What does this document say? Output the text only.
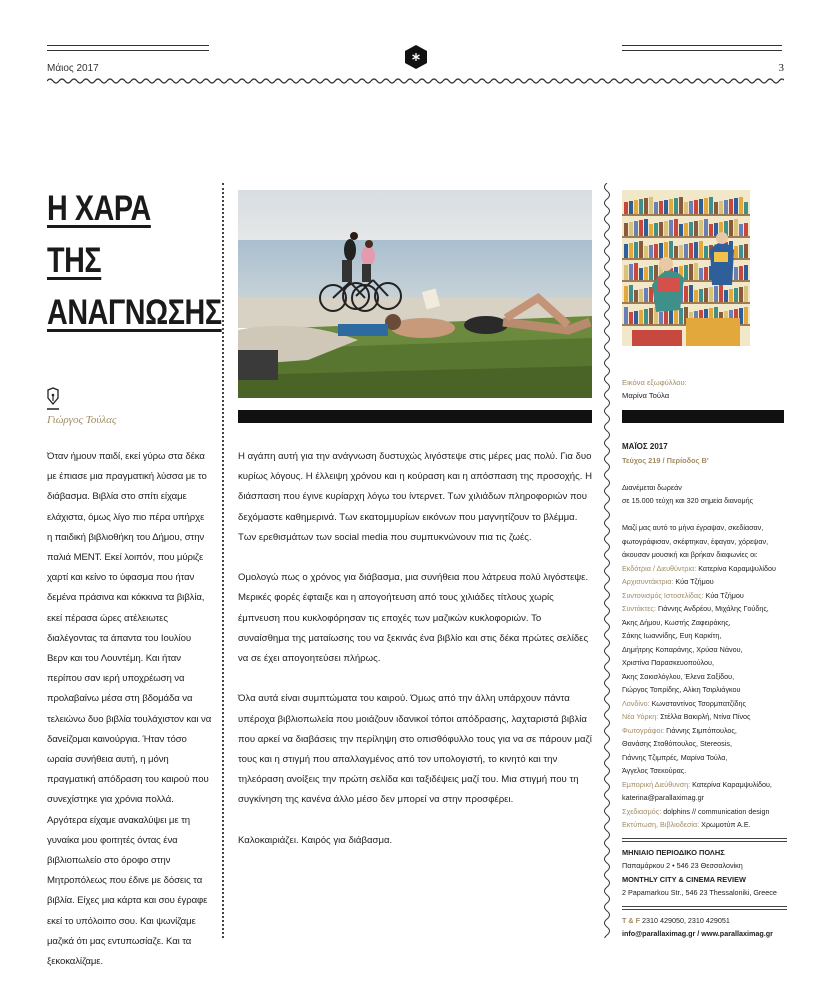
Μάιος 2017	3
Η ΧΑΡΑ
ΤΗΣ
ΑΝΑΓΝΩΣΗΣ
Γιώργος Τούλας

Όταν ήμουν παιδί, εκεί γύρω στα δέκα με έπιασε μια πραγματική λύσσα με το διάβασμα. Βιβλία στο σπίτι είχαμε ελάχιστα, όμως λίγο πιο πέρα υπήρχε η παιδική βιβλιοθήκη του Δήμου, στην παλιά ΜΕΝΤ. Εκεί λοιπόν, που μύριζε χαρτί και κείνο το ύφασμα που ήταν δεμένα πράσινα και κόκκινα τα βιβλία, εκεί πέρασα ώρες ατέλειωτες διαλέγοντας τα άπαντα του Ιουλίου Βερν και του Λουντέμη. Και ήταν περίπου σαν ιερή υποχρέωση να προλαβαίνω μέσα στη βδομάδα να τελειώνω δυο βιβλία τουλάχιστον και να δανείζομαι καινούργια. Ήταν τόσο ωραία συνήθεια αυτή, η μόνη πραγματική απόδραση του καιρού που συνεχίστηκε για χρόνια πολλά. Αργότερα είχαμε ανακαλύψει με τη γυναίκα μου φοιτητές όντας ένα βιβλιοπωλείο στο όροφο στην Μητροπόλεως που έδινε με δόσεις τα βιβλία. Είχες μια κάρτα και σου έγραφε εκεί το υπόλοιπο σου. Και ψωνίζαμε μαζικά ότι μας εντυπωσίαζε. Και τα ξεκοκαλίζαμε.

Η αγάπη αυτή για την ανάγνωση δυστυχώς λιγόστεψε στις μέρες μας πολύ. Για δυο κυρίως λόγους. Η έλλειψη χρόνου και η κούραση και η απόσπαση της προσοχής. Η διάσπαση που έγινε κυρίαρχη λόγω του ίντερνετ. Των χιλιάδων πληροφοριών που δεχόμαστε καθημερινά. Των εκατομμυρίων εικόνων που μαγνητίζουν το βλέμμα. Των ερεθισμάτων των social media που συμπυκνώνουν πια τις ζωές.

Ομολογώ πως ο χρόνος για διάβασμα, μια συνήθεια που λάτρευα πολύ λιγόστεψε. Μερικές φορές έφταιξε και η απογοήτευση από τους χιλιάδες τίτλους χωρίς έμπνευση που κυκλοφόρησαν τις εποχές των μαζικών κυκλοφοριών. Το συναίσθημα της ματαίωσης του να ξεκινάς ένα βιβλίο και στις δέκα πρώτες σελίδες να σε έχει απογοητεύσει πλήρως.

Όλα αυτά είναι συμπτώματα του καιρού. Όμως από την άλλη υπάρχουν πάντα υπέροχα βιβλιοπωλεία που μοιάζουν ιδανικοί τόποι απόδρασης, λαχταριστά βιβλία που αρκεί να διαβάσεις την περίληψη στο οπισθόφυλλο τους για να σε πάρουν μαζί τους και η στιγμή που απαλλαγμένος από τον υπολογιστή, το κινητό και την τηλεόραση ανοίξεις την πρώτη σελίδα και ταξιδέψεις μαζί του. Μια στιγμή που τη συγκίνηση της κανένα άλλο μέσο δεν μπορεί να στην προσφέρει.

Καλοκαιριάζει. Καιρός για διάβασμα.

Εικόνα εξωφύλλου:
Μαρίνα Τούλα
ΜΑΪΟΣ 2017
Τεύχος 219 / Περίοδος Β'
Διανέμεται δωρεάν
σε 15.000 τεύχη και 320 σημεία διανομής
Μαζί μας αυτό το μήνα έγραψαν, σκεδίασαν,
φωτογράφισαν, σκέφτηκαν, έφαγαν, χόρεψαν,
άκουσαν μουσική και βρήκαν διαφωνίες οι:
Εκδότρια / Διευθύντρια: Κατερίνα Καραμψυλίδου
Αρχισυντάκτρια: Κύα Τζήμου
Συντονισμός Ιστοσελίδας: Κύα Τζήμου
Συντάκτες: Γιάννης Ανδρέου, Μιχάλης Γούδης,
Άκης Δήμου, Κωστής Ζαφειράκης,
Σάκης Ιωαννίδης, Ευη Καρκίτη,
Δημήτρης Κοπαράνης, Χρύσα Νάνου,
Χριστίνα Παρασκευοπούλου,
Άκης Σακισλόγλου, Έλενα Σαξίδου,
Γιώργος Τοπρίδης, Αλίκη Τσιρλιάγκου
Λονδίνο: Κωνσταντίνος Τσορμπατζίδης
Νέα Υόρκη: Στέλλα Βακιρλή, Ντίνα Πίνος
Φωτογράφοι: Γιάννης Σιμπόπουλος,
Θανάσης Σταθόπουλος, Stereosis,
Γιάννης Τζιμπρές, Μαρίνα Τούλα,
Άγγελος Τσεκούρας.
Εμπορική Διεύθυνση: Κατερίνα Καραμψυλίδου,
katerina@parallaximag.gr
Σχεδιασμός: dolphins // communication design
Εκτύπωση, Βιβλιοδεσία: Χρωμοτύπ Α.Ε.
ΜΗΝΙΑΙΟ ΠΕΡΙΟΔΙΚΟ ΠΟΛΗΣ
Παπαμάρκου 2 • 546 23 Θεσσαλονίκη
MONTHLY CITY & CINEMA REVIEW
2 Papamarkou Str., 546 23 Thessaloniki, Greece
T & F 2310 429050, 2310 429051
info@parallaximag.gr / www.parallaximag.gr
